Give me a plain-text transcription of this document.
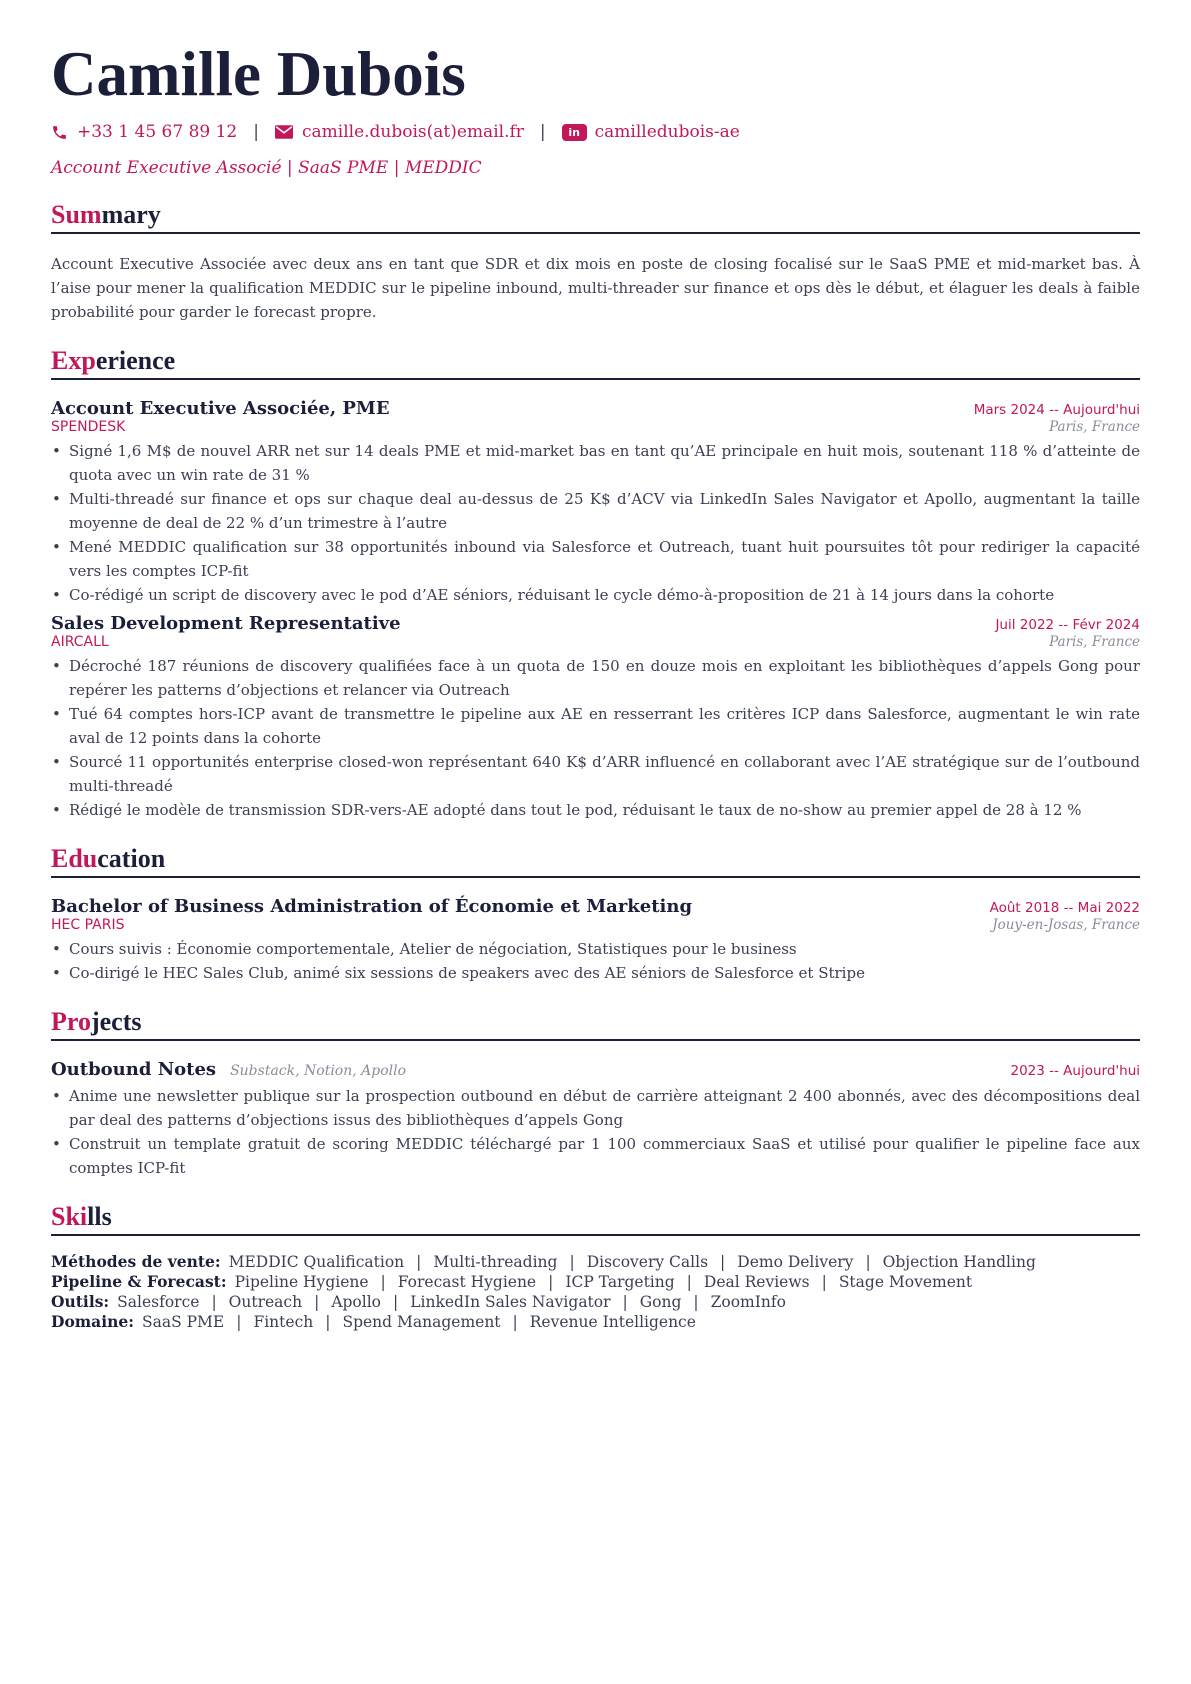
Camille Dubois
+33 1 45 67 89 12 |	camille.dubois(at)email.fr |	in camilledubois-ae
Account Executive Associé | SaaS PME | MEDDIC
Summary
Account Executive Associée avec deux ans en tant que SDR et dix mois en poste de closing focalisé sur le SaaS PME et mid-market bas. À l’aise pour mener la qualification MEDDIC sur le pipeline inbound, multi-threader sur finance et ops dès le début, et élaguer les deals à faible probabilité pour garder le forecast propre.
Experience
Account Executive Associée, PME	Mars 2024 -- Aujourd'hui
SPENDESK	Paris, France
• Signé 1,6 M$ de nouvel ARR net sur 14 deals PME et mid-market bas en tant qu’AE principale en huit mois, soutenant 118 % d’atteinte de quota avec un win rate de 31 %
• Multi-threadé sur finance et ops sur chaque deal au-dessus de 25 K$ d’ACV via LinkedIn Sales Navigator et Apollo, augmentant la taille moyenne de deal de 22 % d’un trimestre à l’autre
• Mené MEDDIC qualification sur 38 opportunités inbound via Salesforce et Outreach, tuant huit poursuites tôt pour rediriger la capacité vers les comptes ICP-fit
• Co-rédigé un script de discovery avec le pod d’AE séniors, réduisant le cycle démo-à-proposition de 21 à 14 jours dans la cohorte
Sales Development Representative	Juil 2022 -- Févr 2024
AIRCALL	Paris, France
• Décroché 187 réunions de discovery qualifiées face à un quota de 150 en douze mois en exploitant les bibliothèques d’appels Gong pour repérer les patterns d’objections et relancer via Outreach
• Tué 64 comptes hors-ICP avant de transmettre le pipeline aux AE en resserrant les critères ICP dans Salesforce, augmentant le win rate aval de 12 points dans la cohorte
• Sourcé 11 opportunités enterprise closed-won représentant 640 K$ d’ARR influencé en collaborant avec l’AE stratégique sur de l’outbound multi-threadé
• Rédigé le modèle de transmission SDR-vers-AE adopté dans tout le pod, réduisant le taux de no-show au premier appel de 28 à 12 %
Education
Bachelor of Business Administration of Économie et Marketing	Août 2018 -- Mai 2022
HEC PARIS	Jouy-en-Josas, France
• Cours suivis : Économie comportementale, Atelier de négociation, Statistiques pour le business
• Co-dirigé le HEC Sales Club, animé six sessions de speakers avec des AE séniors de Salesforce et Stripe
Projects
Outbound Notes Substack, Notion, Apollo	2023 -- Aujourd'hui
• Anime une newsletter publique sur la prospection outbound en début de carrière atteignant 2 400 abonnés, avec des décompositions deal par deal des patterns d’objections issus des bibliothèques d’appels Gong
• Construit un template gratuit de scoring MEDDIC téléchargé par 1 100 commerciaux SaaS et utilisé pour qualifier le pipeline face aux comptes ICP-fit
Skills
Méthodes de vente: MEDDIC Qualification | Multi-threading | Discovery Calls | Demo Delivery | Objection Handling
Pipeline & Forecast: Pipeline Hygiene | Forecast Hygiene | ICP Targeting | Deal Reviews | Stage Movement
Outils: Salesforce | Outreach | Apollo | LinkedIn Sales Navigator | Gong | ZoomInfo
Domaine: SaaS PME | Fintech | Spend Management | Revenue Intelligence
